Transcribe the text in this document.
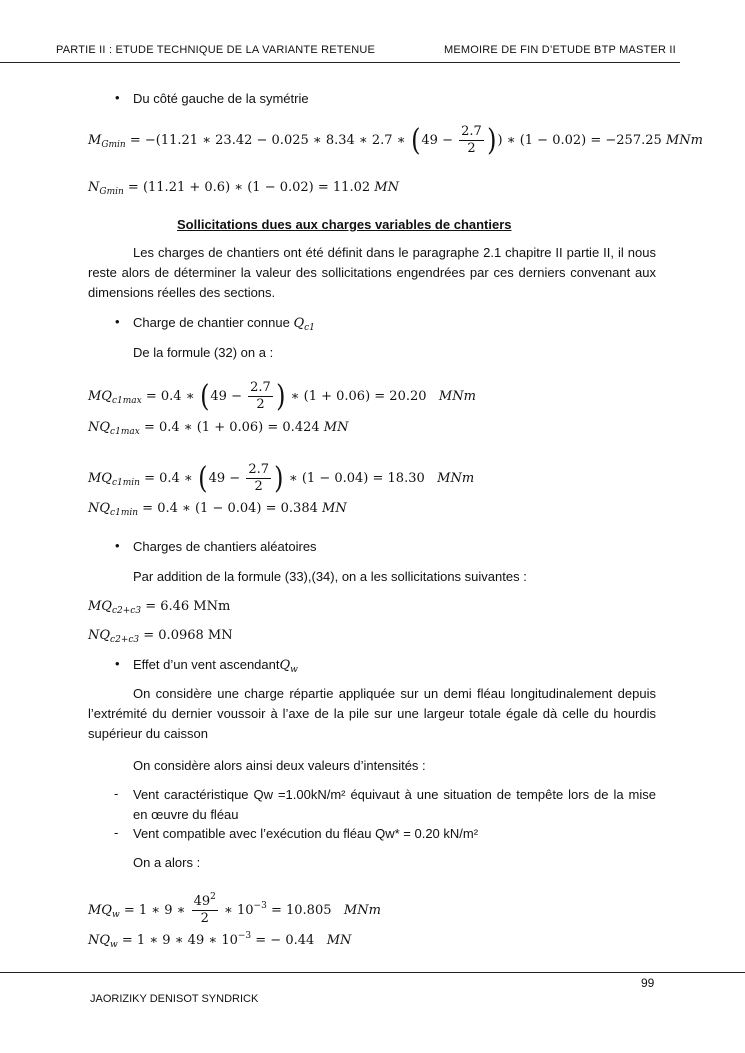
PARTIE II : ETUDE TECHNIQUE DE LA VARIANTE RETENUE	MEMOIRE DE FIN D’ETUDE BTP MASTER II
• Du côté gauche de la symétrie
$M_{Gmin} = -(11.21$ ∗ 23.42 − 0.025 ∗ 8.34 ∗ 2.7 ∗ ($49 - \frac{2.7}{2}$ )) ∗ (1 − 0.02) = −257.25 MNm
$N_{Gmin} = (11.21 + 0.6)$ ∗ (1 − 0.02) = 11.02 MN
Sollicitations dues aux charges variables de chantiers
Les charges de chantiers ont été définit dans le paragraphe 2.1 chapitre II partie II, il nous reste alors de déterminer la valeur des sollicitations engendrées par ces derniers convenant aux dimensions réelles des sections.
• Charge de chantier connue $Q_{c1}$
De la formule (32) on a :
$MQ_{c1max} = 0.4$ ∗ ($49 - \frac{2.7}{2}$ ) ∗ (1 + 0.06) = 20.20 MNm
$NQ_{c1max} = 0.4$ ∗ (1 + 0.06) = 0.424 MN
$MQ_{c1min} = 0.4$ ∗ ($49 - \frac{2.7}{2}$ ) ∗ (1 − 0.04) = 18.30 MNm
$NQ_{c1min} = 0.4$ ∗ (1 − 0.04) = 0.384 MN
• Charges de chantiers aléatoires
Par addition de la formule (33),(34), on a les sollicitations suivantes :
$MQ_{c2+c3} = 6.46$ MNm
$NQ_{c2+c3} = 0.0968$ MN
• Effet d’un vent ascendantQ$_w$
On considère une charge répartie appliquée sur un demi fléau longitudinalement depuis l’extrémité du dernier voussoir à l’axe de la pile sur une largeur totale égale dà celle du hourdis supérieur du caisson
On considère alors ainsi deux valeurs d’intensités :
- Vent caractéristique Qw =1.00kN/m² équivaut à une situation de tempête lors de la mise en œuvre du fléau
- Vent compatible avec l’exécution du fléau Qw* = 0.20 kN/m²
On a alors :
$MQ_w = 1$ ∗ 9 ∗ $\frac{49^2}{2}$ ∗ $10^{-3} = 10.805$ MNm
$NQ_w = 1$ ∗ 9 ∗ 49 ∗ $10^{-3}$ = − 0.44 MN
99
JAORIZIKY DENISOT SYNDRICK
